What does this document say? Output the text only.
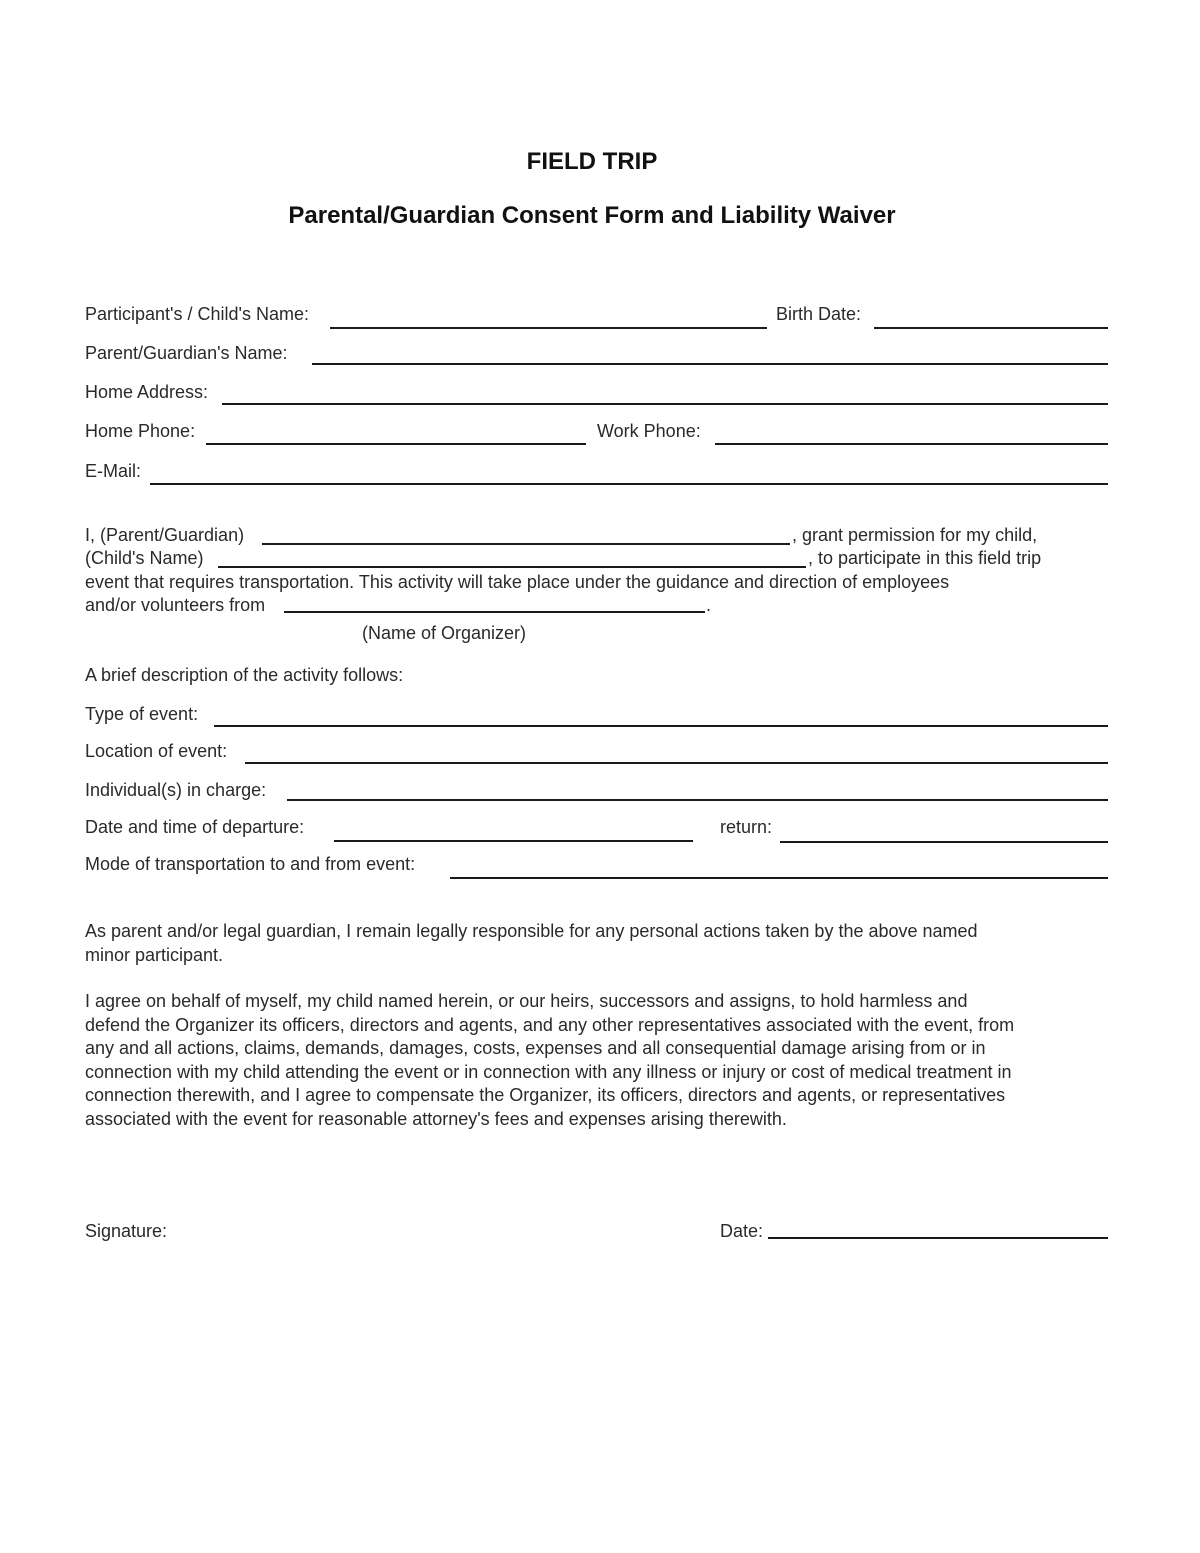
FIELD TRIP
Parental/Guardian Consent Form and Liability Waiver
Participant's / Child's Name:	Birth Date:
Parent/Guardian's Name:
Home Address:
Home Phone:	Work Phone:
E-Mail:
I, (Parent/Guardian)	, grant permission for my child,
(Child's Name)	, to participate in this field trip
event that requires transportation. This activity will take place under the guidance and direction of employees
and/or volunteers from	.
(Name of Organizer)
A brief description of the activity follows:
Type of event:
Location of event:
Individual(s) in charge:
Date and time of departure:	return:
Mode of transportation to and from event:
As parent and/or legal guardian, I remain legally responsible for any personal actions taken by the above named
minor participant.
I agree on behalf of myself, my child named herein, or our heirs, successors and assigns, to hold harmless and
defend the Organizer its officers, directors and agents, and any other representatives associated with the event, from
any and all actions, claims, demands, damages, costs, expenses and all consequential damage arising from or in
connection with my child attending the event or in connection with any illness or injury or cost of medical treatment in
connection therewith, and I agree to compensate the Organizer, its officers, directors and agents, or representatives
associated with the event for reasonable attorney's fees and expenses arising therewith.
Signature:	Date:
